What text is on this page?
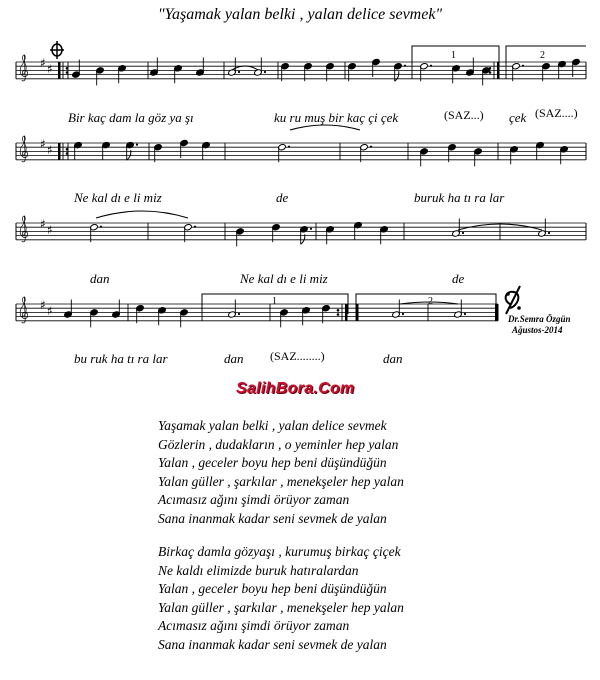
"Yaşamak yalan belki , yalan delice sevmek"
♯ ♯
♯ ♯
♯ ♯
♯ ♯
1	2
1	2
Bir kaç dam la göz ya şı	ku ru muş bir kaç çi çek	(SAZ...) çek (SAZ....)
Ne kal dı e li miz	de	buruk ha tı ra lar
dan	Ne kal dı e li miz	de
bu ruk ha tı ra lar	dan (SAZ........)	dan
Dr.Semra Özgün
Ağustos-2014
SalihBora.Com
Yaşamak yalan belki , yalan delice sevmek
Gözlerin , dudakların , o yeminler hep yalan
Yalan , geceler boyu hep beni düşündüğün
Yalan güller , şarkılar , menekşeler hep yalan
Acımasız ağını şimdi örüyor zaman
Sana inanmak kadar seni sevmek de yalan
Birkaç damla gözyaşı , kurumuş birkaç çiçek
Ne kaldı elimizde buruk hatıralardan
Yalan , geceler boyu hep beni düşündüğün
Yalan güller , şarkılar , menekşeler hep yalan
Acımasız ağını şimdi örüyor zaman
Sana inanmak kadar seni sevmek de yalan
